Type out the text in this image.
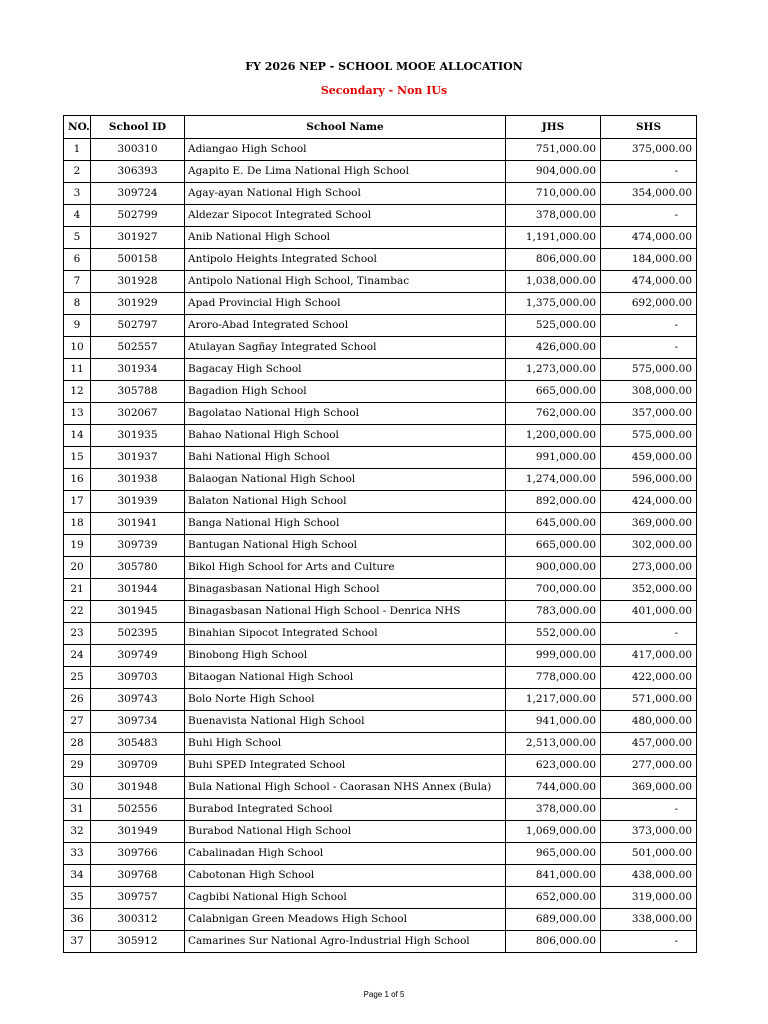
FY 2026 NEP - SCHOOL MOOE ALLOCATION
Secondary - Non IUs
NO.	School ID	School Name	JHS	SHS
1	300310	Adiangao High School	751,000.00	375,000.00
2	306393	Agapito E. De Lima National High School	904,000.00	-
3	309724	Agay-ayan National High School	710,000.00	354,000.00
4	502799	Aldezar Sipocot Integrated School	378,000.00	-
5	301927	Anib National High School	1,191,000.00	474,000.00
6	500158	Antipolo Heights Integrated School	806,000.00	184,000.00
7	301928	Antipolo National High School, Tinambac	1,038,000.00	474,000.00
8	301929	Apad Provincial High School	1,375,000.00	692,000.00
9	502797	Aroro-Abad Integrated School	525,000.00	-
10	502557	Atulayan Sagñay Integrated School	426,000.00	-
11	301934	Bagacay High School	1,273,000.00	575,000.00
12	305788	Bagadion High School	665,000.00	308,000.00
13	302067	Bagolatao National High School	762,000.00	357,000.00
14	301935	Bahao National High School	1,200,000.00	575,000.00
15	301937	Bahi National High School	991,000.00	459,000.00
16	301938	Balaogan National High School	1,274,000.00	596,000.00
17	301939	Balaton National High School	892,000.00	424,000.00
18	301941	Banga National High School	645,000.00	369,000.00
19	309739	Bantugan National High School	665,000.00	302,000.00
20	305780	Bikol High School for Arts and Culture	900,000.00	273,000.00
21	301944	Binagasbasan National High School	700,000.00	352,000.00
22	301945	Binagasbasan National High School - Denrica NHS	783,000.00	401,000.00
23	502395	Binahian Sipocot Integrated School	552,000.00	-
24	309749	Binobong High School	999,000.00	417,000.00
25	309703	Bitaogan National High School	778,000.00	422,000.00
26	309743	Bolo Norte High School	1,217,000.00	571,000.00
27	309734	Buenavista National High School	941,000.00	480,000.00
28	305483	Buhi High School	2,513,000.00	457,000.00
29	309709	Buhi SPED Integrated School	623,000.00	277,000.00
30	301948	Bula National High School - Caorasan NHS Annex (Bula)	744,000.00	369,000.00
31	502556	Burabod Integrated School	378,000.00	-
32	301949	Burabod National High School	1,069,000.00	373,000.00
33	309766	Cabalinadan High School	965,000.00	501,000.00
34	309768	Cabotonan High School	841,000.00	438,000.00
35	309757	Cagbibi National High School	652,000.00	319,000.00
36	300312	Calabnigan Green Meadows High School	689,000.00	338,000.00
37	305912	Camarines Sur National Agro-Industrial High School	806,000.00	-
Page 1 of 5
